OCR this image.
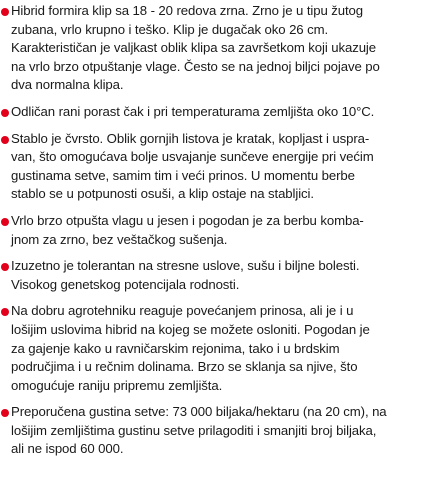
Hibrid formira klip sa 18 - 20 redova zrna. Zrno je u tipu žutog
zubana, vrlo krupno i teško. Klip je dugačak oko 26 cm.
Karakterističan je valjkast oblik klipa sa završetkom koji ukazuje
na vrlo brzo otpuštanje vlage. Često se na jednoj biljci pojave po
dva normalna klipa.

Odličan rani porast čak i pri temperaturama zemljišta oko 10°C.

Stablo je čvrsto. Oblik gornjih listova je kratak, kopljast i uspra-
van, što omogućava bolje usvajanje sunčeve energije pri većim
gustinama setve, samim tim i veći prinos. U momentu berbe
stablo se u potpunosti osuši, a klip ostaje na stabljici.

Vrlo brzo otpušta vlagu u jesen i pogodan je za berbu komba-
jnom za zrno, bez veštačkog sušenja.

Izuzetno je tolerantan na stresne uslove, sušu i biljne bolesti.
Visokog genetskog potencijala rodnosti.

Na dobru agrotehniku reaguje povećanjem prinosa, ali je i u
lošijim uslovima hibrid na kojeg se možete osloniti. Pogodan je
za gajenje kako u ravničarskim rejonima, tako i u brdskim
područjima i u rečnim dolinama. Brzo se sklanja sa njive, što
omogućuje raniju pripremu zemljišta.

Preporučena gustina setve: 73 000 biljaka/hektaru (na 20 cm), na
lošijim zemljištima gustinu setve prilagoditi i smanjiti broj biljaka,
ali ne ispod 60 000.
